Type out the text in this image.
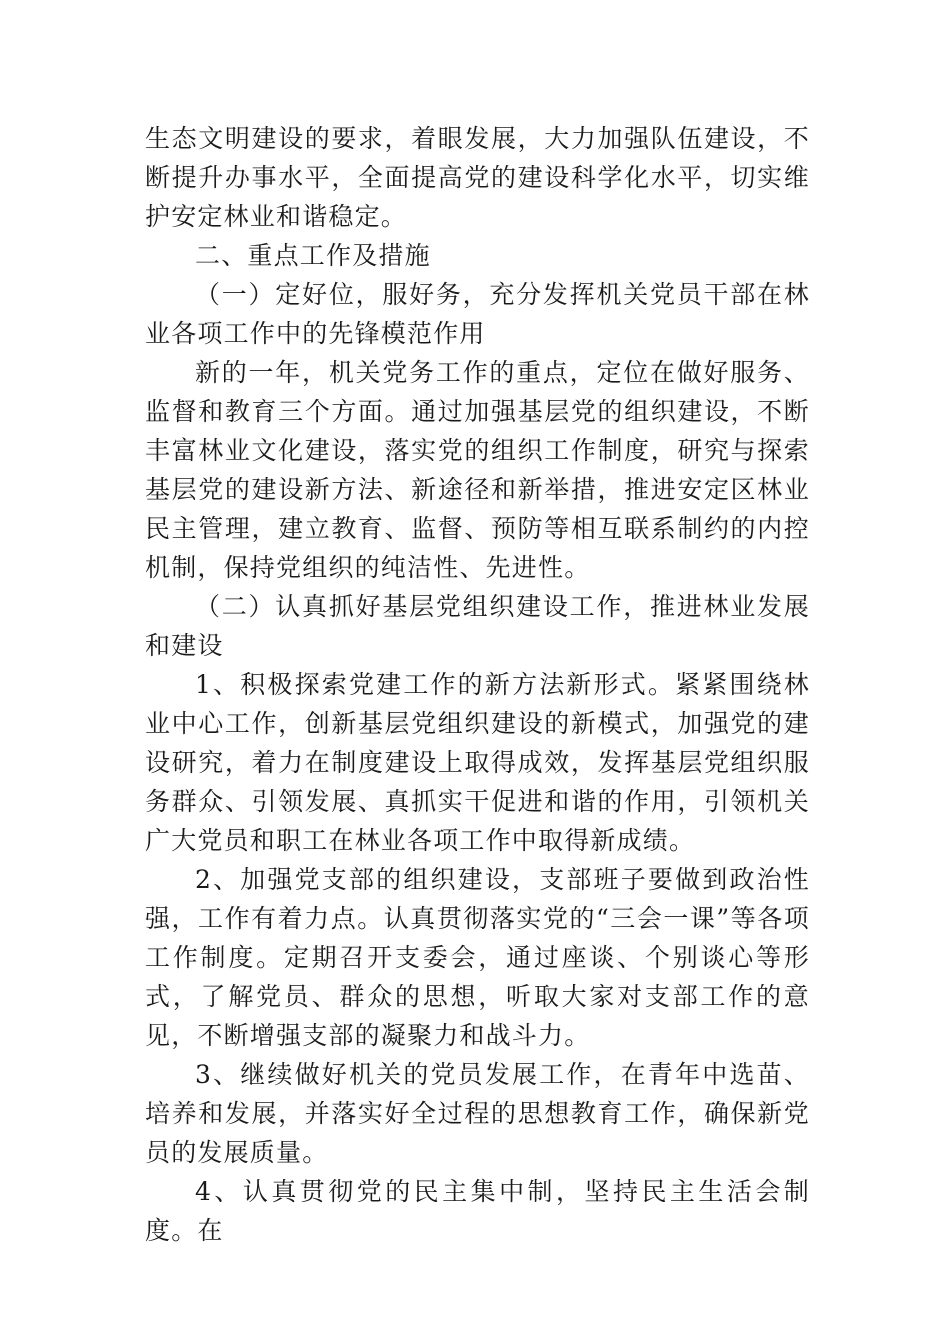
生态文明建设的要求，着眼发展，大力加强队伍建设，不断提升办事水平，全面提高党的建设科学化水平，切实维护安定林业和谐稳定。

二、重点工作及措施

（一）定好位，服好务，充分发挥机关党员干部在林业各项工作中的先锋模范作用

新的一年，机关党务工作的重点，定位在做好服务、监督和教育三个方面。通过加强基层党的组织建设，不断丰富林业文化建设，落实党的组织工作制度，研究与探索基层党的建设新方法、新途径和新举措，推进安定区林业民主管理，建立教育、监督、预防等相互联系制约的内控机制，保持党组织的纯洁性、先进性。

（二）认真抓好基层党组织建设工作，推进林业发展和建设

1、积极探索党建工作的新方法新形式。紧紧围绕林业中心工作，创新基层党组织建设的新模式，加强党的建设研究，着力在制度建设上取得成效，发挥基层党组织服务群众、引领发展、真抓实干促进和谐的作用，引领机关广大党员和职工在林业各项工作中取得新成绩。

2、加强党支部的组织建设，支部班子要做到政治性强，工作有着力点。认真贯彻落实党的“三会一课”等各项工作制度。定期召开支委会，通过座谈、个别谈心等形式，了解党员、群众的思想，听取大家对支部工作的意见，不断增强支部的凝聚力和战斗力。

3、继续做好机关的党员发展工作，在青年中选苗、培养和发展，并落实好全过程的思想教育工作，确保新党员的发展质量。

4、认真贯彻党的民主集中制，坚持民主生活会制度。在
